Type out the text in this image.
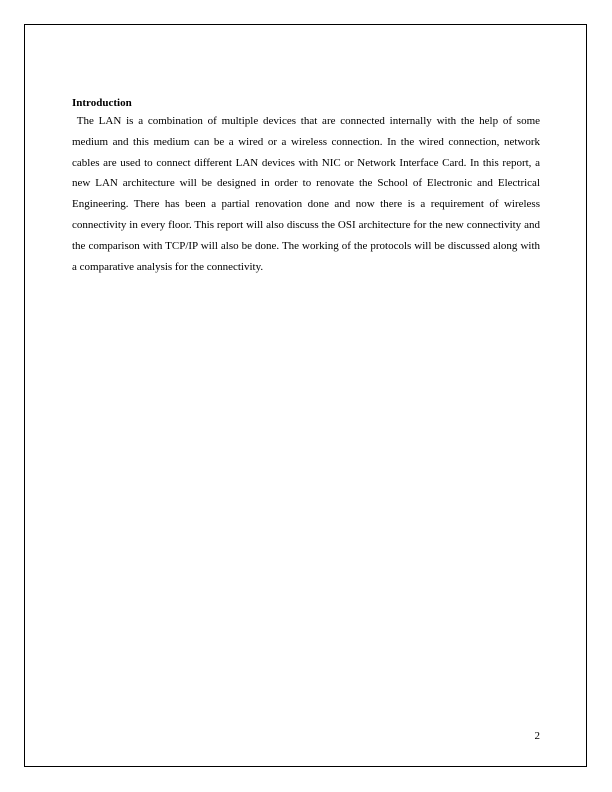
Introduction

The LAN is a combination of multiple devices that are connected internally with the help of some medium and this medium can be a wired or a wireless connection. In the wired connection, network cables are used to connect different LAN devices with NIC or Network Interface Card. In this report, a new LAN architecture will be designed in order to renovate the School of Electronic and Electrical Engineering. There has been a partial renovation done and now there is a requirement of wireless connectivity in every floor. This report will also discuss the OSI architecture for the new connectivity and the comparison with TCP/IP will also be done. The working of the protocols will be discussed along with a comparative analysis for the connectivity.

2
